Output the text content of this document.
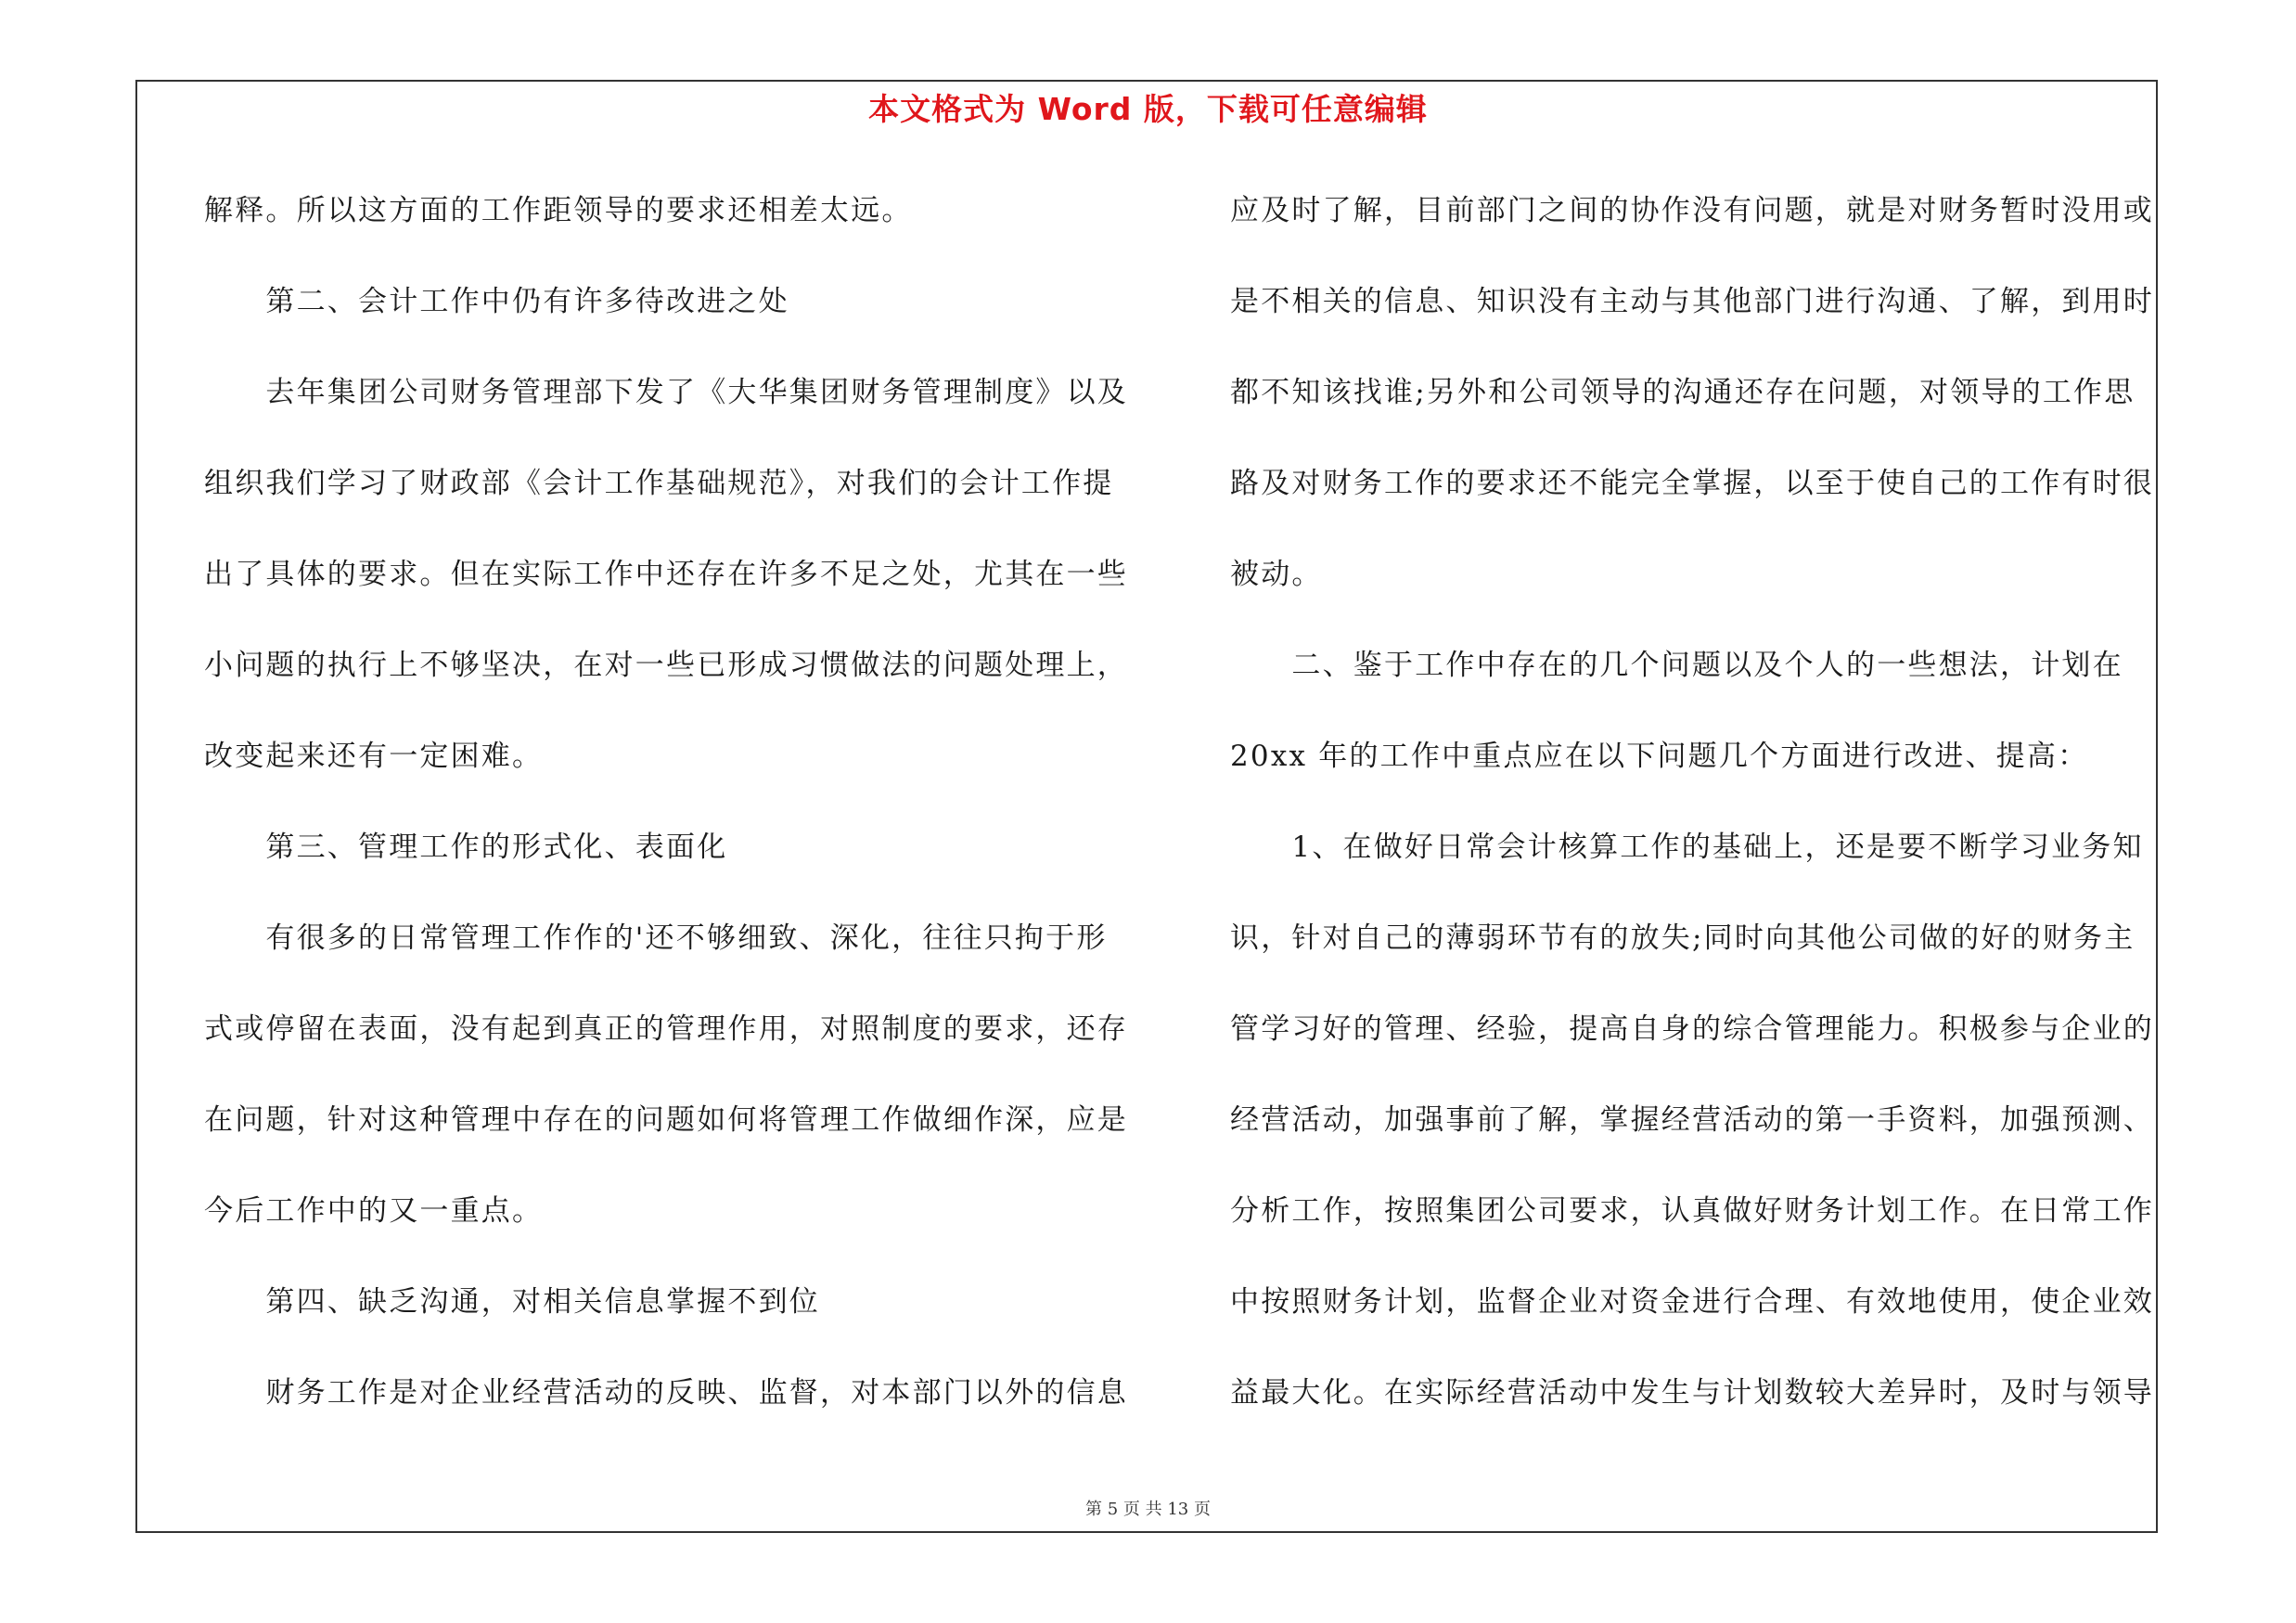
本文格式为 Word 版，下载可任意编辑
解释。所以这方面的工作距领导的要求还相差太远。
　　第二、会计工作中仍有许多待改进之处
　　去年集团公司财务管理部下发了《大华集团财务管理制度》以及
组织我们学习了财政部《会计工作基础规范》，对我们的会计工作提
出了具体的要求。但在实际工作中还存在许多不足之处，尤其在一些
小问题的执行上不够坚决，在对一些已形成习惯做法的问题处理上，
改变起来还有一定困难。
　　第三、管理工作的形式化、表面化
　　有很多的日常管理工作作的'还不够细致、深化，往往只拘于形
式或停留在表面，没有起到真正的管理作用，对照制度的要求，还存
在问题，针对这种管理中存在的问题如何将管理工作做细作深，应是
今后工作中的又一重点。
　　第四、缺乏沟通，对相关信息掌握不到位
　　财务工作是对企业经营活动的反映、监督，对本部门以外的信息
应及时了解，目前部门之间的协作没有问题，就是对财务暂时没用或
是不相关的信息、知识没有主动与其他部门进行沟通、了解，到用时
都不知该找谁;另外和公司领导的沟通还存在问题，对领导的工作思
路及对财务工作的要求还不能完全掌握，以至于使自己的工作有时很
被动。
　　二、鉴于工作中存在的几个问题以及个人的一些想法，计划在
20xx 年的工作中重点应在以下问题几个方面进行改进、提高：
　　1、在做好日常会计核算工作的基础上，还是要不断学习业务知
识，针对自己的薄弱环节有的放失;同时向其他公司做的好的财务主
管学习好的管理、经验，提高自身的综合管理能力。积极参与企业的
经营活动，加强事前了解，掌握经营活动的第一手资料，加强预测、
分析工作，按照集团公司要求，认真做好财务计划工作。在日常工作
中按照财务计划，监督企业对资金进行合理、有效地使用，使企业效
益最大化。在实际经营活动中发生与计划数较大差异时，及时与领导
第 5 页 共 13 页
